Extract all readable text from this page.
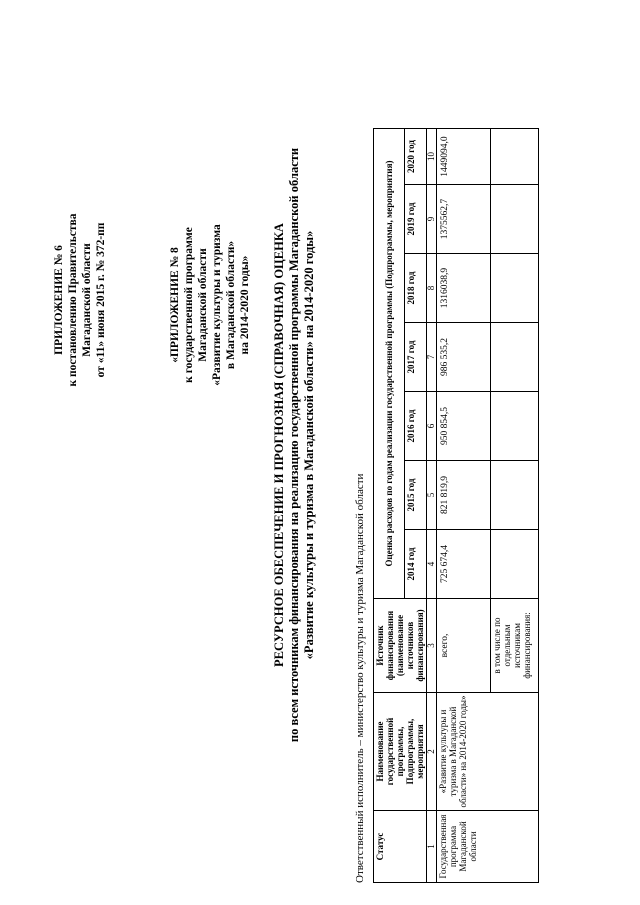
ПРИЛОЖЕНИЕ № 6 к постановлению Правительства Магаданской области от «11» июня 2015 г. № 372-пп	«ПРИЛОЖЕНИЕ № 8 к государственной программе Магаданской области «Развитие культуры и туризма в Магаданской области» на 2014-2020 годы» РЕСУРСНОЕ ОБЕСПЕЧЕНИЕ И ПРОГНОЗНАЯ (СПРАВОЧНАЯ) ОЦЕНКА по всем источникам финансирования на реализацию государственной программы Магаданской области «Развитие культуры и туризма в Магаданской области» на 2014-2020 годы»
Ответственный исполнитель – министерство культуры и туризма Магаданской области Статус	Наименование государственной программы, Подпрограммы, мероприятия	Источник финансирования (наименование источников финансирования)	Оценка расходов по годам реализации государственной программы (Подпрограммы, мероприятия)						
			2014 год	2015 год	2016 год	2017 год	2018 год	2019 год	2020 год
1	2	3	4	5	6	7	8	9	10
Государственная программа Магаданской области	«Развитие культуры и туризма в Магаданской области» на 2014-2020 годы»	всего,	725 674,4	821 819,9	950 854,5	986 535,2	1316038,9	1375562,7	1449094,0
		в том числе по отдельным источникам финансирования:							
